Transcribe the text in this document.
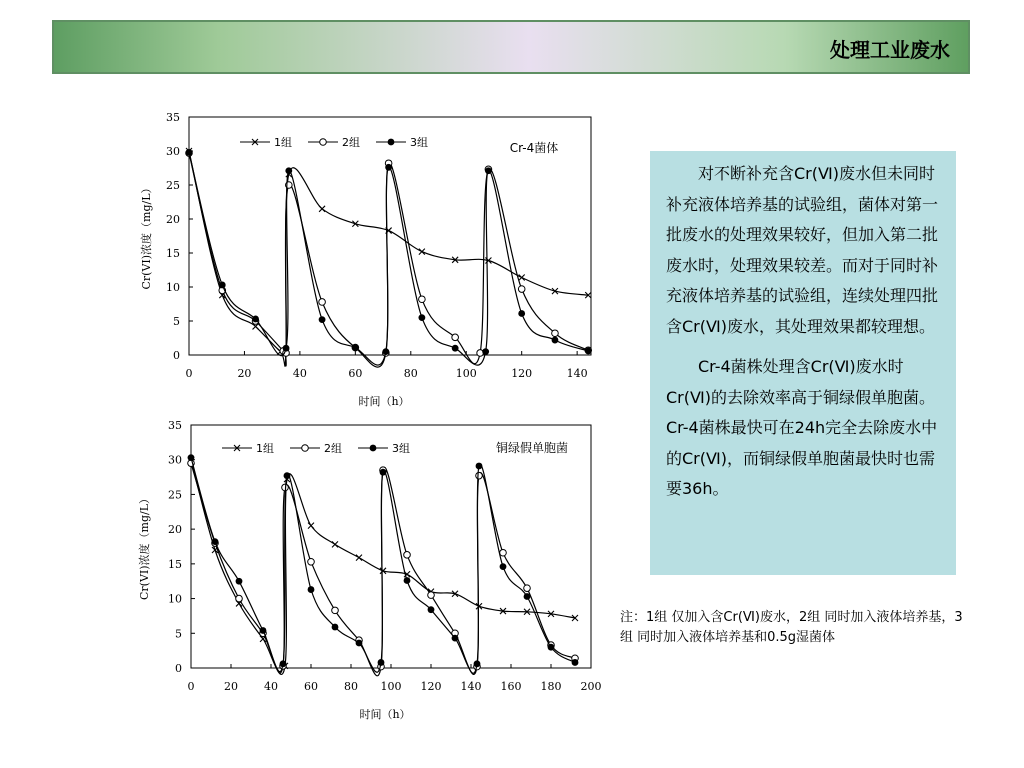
处理工业废水
0
5
10
15
20
25
30
35
0	20	40	60	80	100	120	140
时间（h）
Cr(VI)浓度（mg/L）
Cr-4菌体
1组	2组	3组
0
5
10
15
20
25
30
35
0	20 40 60 80 100 120 140 160 180 200
时间（h）
Cr(VI)浓度（mg/L）
铜绿假单胞菌
1组	2组	3组

对不断补充含Cr(Ⅵ)废水但未同时补充液体培养基的试验组，菌体对第一批废水的处理效果较好，但加入第二批废水时，处理效果较差。而对于同时补充液体培养基的试验组，连续处理四批含Cr(Ⅵ)废水，其处理效果都较理想。

Cr-4菌株处理含Cr(Ⅵ)废水时Cr(Ⅵ)的去除效率高于铜绿假单胞菌。Cr-4菌株最快可在24h完全去除废水中的Cr(Ⅵ)，而铜绿假单胞菌最快时也需要36h。

注：1组 仅加入含Cr(Ⅵ)废水，2组 同时加入液体培养基，3组 同时加入液体培养基和0.5g湿菌体
